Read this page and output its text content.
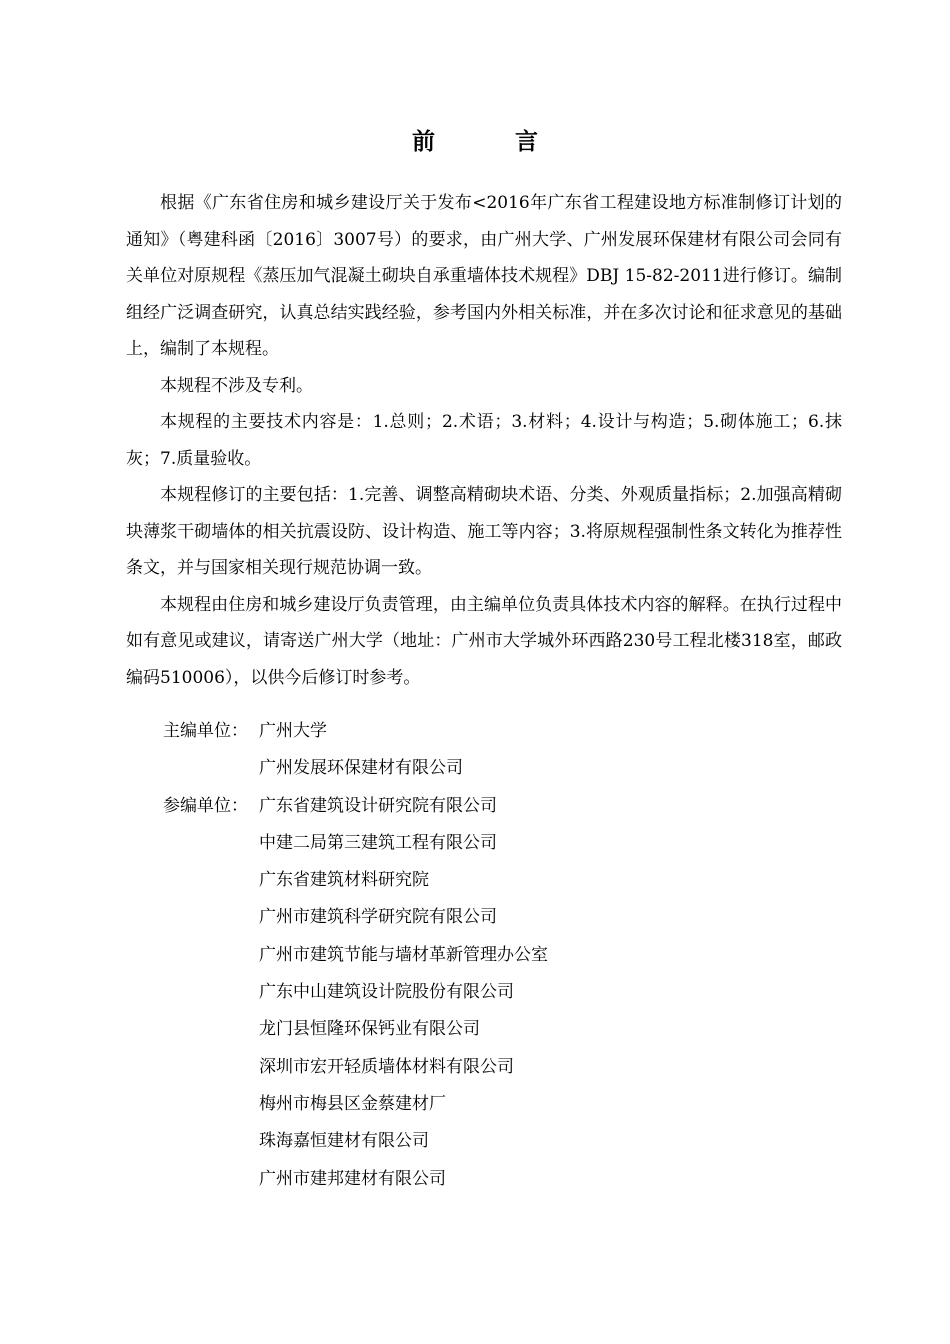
前 言

根据《广东省住房和城乡建设厅关于发布<2016年广东省工程建设地方标准制修订计划的通知》（粤建科函〔2016〕3007号）的要求，由广州大学、广州发展环保建材有限公司会同有关单位对原规程《蒸压加气混凝土砌块自承重墙体技术规程》DBJ 15-82-2011进行修订。编制组经广泛调查研究，认真总结实践经验，参考国内外相关标准，并在多次讨论和征求意见的基础上，编制了本规程。

本规程不涉及专利。

本规程的主要技术内容是：1.总则；2.术语；3.材料；4.设计与构造；5.砌体施工；6.抹灰；7.质量验收。

本规程修订的主要包括：1.完善、调整高精砌块术语、分类、外观质量指标；2.加强高精砌块薄浆干砌墙体的相关抗震设防、设计构造、施工等内容；3.将原规程强制性条文转化为推荐性条文，并与国家相关现行规范协调一致。

本规程由住房和城乡建设厅负责管理，由主编单位负责具体技术内容的解释。在执行过程中如有意见或建议，请寄送广州大学（地址：广州市大学城外环西路230号工程北楼318室，邮政编码510006），以供今后修订时参考。

主编单位： 广州大学
广州发展环保建材有限公司
参编单位： 广东省建筑设计研究院有限公司
中建二局第三建筑工程有限公司
广东省建筑材料研究院
广州市建筑科学研究院有限公司
广州市建筑节能与墙材革新管理办公室
广东中山建筑设计院股份有限公司
龙门县恒隆环保钙业有限公司
深圳市宏开轻质墙体材料有限公司
梅州市梅县区金蔡建材厂
珠海嘉恒建材有限公司
广州市建邦建材有限公司
